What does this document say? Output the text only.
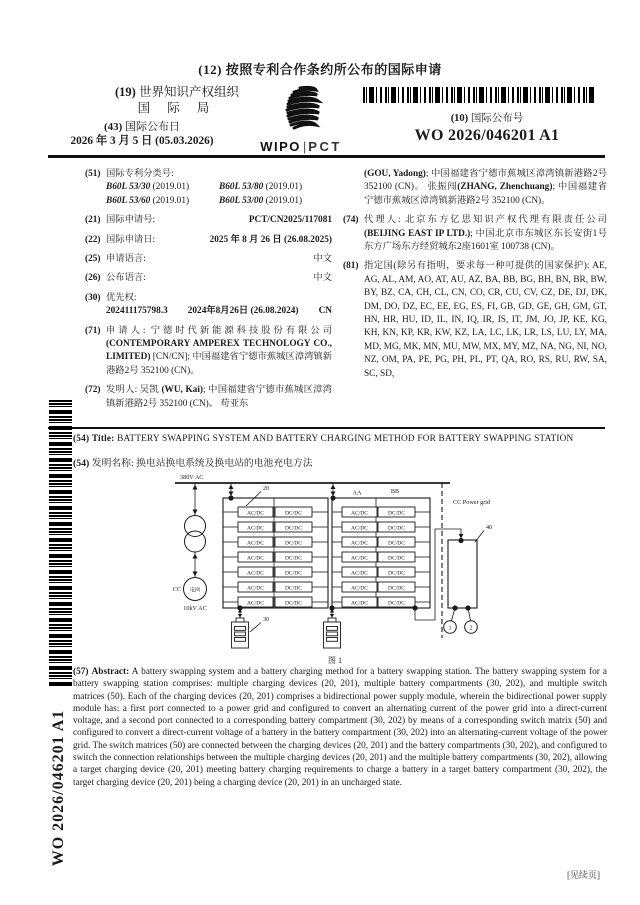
(12) 按照专利合作条约所公布的国际申请
(19) 世界知识产权组织
国 际 局
(43) 国际公布日
2026 年 3 月 5 日 (05.03.2026)	WIPO | PCT
(10) 国际公布号
WO 2026/046201 A1
(51) 国际专利分类号:
B60L 53/30 (2019.01)	B60L 53/80 (2019.01)
B60L 53/60 (2019.01)	B60L 53/00 (2019.01)
(21) 国际申请号:	PCT/CN2025/117081
(22) 国际申请日:	2025 年 8 月 26 日 (26.08.2025)
(25) 申请语言:	中文
(26) 公布语言:	中文
(30) 优先权:
202411175798.3 2024年8月26日 (26.08.2024) CN
(71) 申请人: 宁德时代新能源科技股份有限公司 (CONTEMPORARY AMPEREX TECHNOLOGY CO., LIMITED) [CN/CN]; 中国福建省宁德市蕉城区漳湾镇新港路2号 352100 (CN)。
(72) 发明人: 吴凯 (WU, Kai); 中国福建省宁德市蕉城区漳湾镇新港路2号 352100 (CN)。 苟亚东
(GOU, Yadong); 中国福建省宁德市蕉城区漳湾镇新港路2号 352100 (CN)。 张振闯(ZHANG, Zhenchuang); 中国福建省宁德市蕉城区漳湾镇新港路2号 352100 (CN)。
(74) 代理人: 北京东方亿思知识产权代理有限责任公司 (BEIJING EAST IP LTD.); 中国北京市东城区东长安街1号东方广场东方经贸城东2座1601室 100738 (CN)。
(81) 指定国(除另有指明，要求每一种可提供的国家保护): AE, AG, AL, AM, AO, AT, AU, AZ, BA, BB, BG, BH, BN, BR, BW, BY, BZ, CA, CH, CL, CN, CO, CR, CU, CV, CZ, DE, DJ, DK, DM, DO, DZ, EC, EE, EG, ES, FI, GB, GD, GE, GH, GM, GT, HN, HR, HU, ID, IL, IN, IQ, IR, IS, IT, JM, JO, JP, KE, KG, KH, KN, KP, KR, KW, KZ, LA, LC, LK, LR, LS, LU, LY, MA, MD, MG, MK, MN, MU, MW, MX, MY, MZ, NA, NG, NI, NO, NZ, OM, PA, PE, PG, PH, PL, PT, QA, RO, RS, RU, RW, SA, SC, SD,
(54) Title: BATTERY SWAPPING SYSTEM AND BATTERY CHARGING METHOD FOR BATTERY SWAPPING STATION
(54) 发明名称: 换电站换电系统及换电站的电池充电方法
380V AC
CC 电网
10kV AC
20
AA	BB
AC/DC	DC/DC
AC/DC	DC/DC
AC/DC	DC/DC
AC/DC	DC/DC
AC/DC	DC/DC
AC/DC	DC/DC
AC/DC	DC/DC
AC/DC	DC/DC
AC/DC	DC/DC
AC/DC	DC/DC
AC/DC	DC/DC
AC/DC	DC/DC
AC/DC	DC/DC
AC/DC	DC/DC
30
CC Power grid
40
1	2
图 1
(57) Abstract: A battery swapping system and a battery charging method for a battery swapping station. The battery swapping system for a battery swapping station comprises: multiple charging devices (20, 201), multiple battery compartments (30, 202), and multiple switch matrices (50). Each of the charging devices (20, 201) comprises a bidirectional power supply module, wherein the bidirectional power supply module has: a first port connected to a power grid and configured to convert an alternating current of the power grid into a direct-current voltage, and a second port connected to a corresponding battery compartment (30, 202) by means of a corresponding switch matrix (50) and configured to convert a direct-current voltage of a battery in the battery compartment (30, 202) into an alternating-current voltage of the power grid. The switch matrices (50) are connected between the charging devices (20, 201) and the battery compartments (30, 202), and configured to switch the connection relationships between the multiple charging devices (20, 201) and the multiple battery compartments (30, 202), allowing a target charging device (20, 201) meeting battery charging requirements to charge a battery in a target battery compartment (30, 202), the target charging device (20, 201) being a charging device (20, 201) in an uncharged state.
WO 2026/046201 A1
[见续页]
